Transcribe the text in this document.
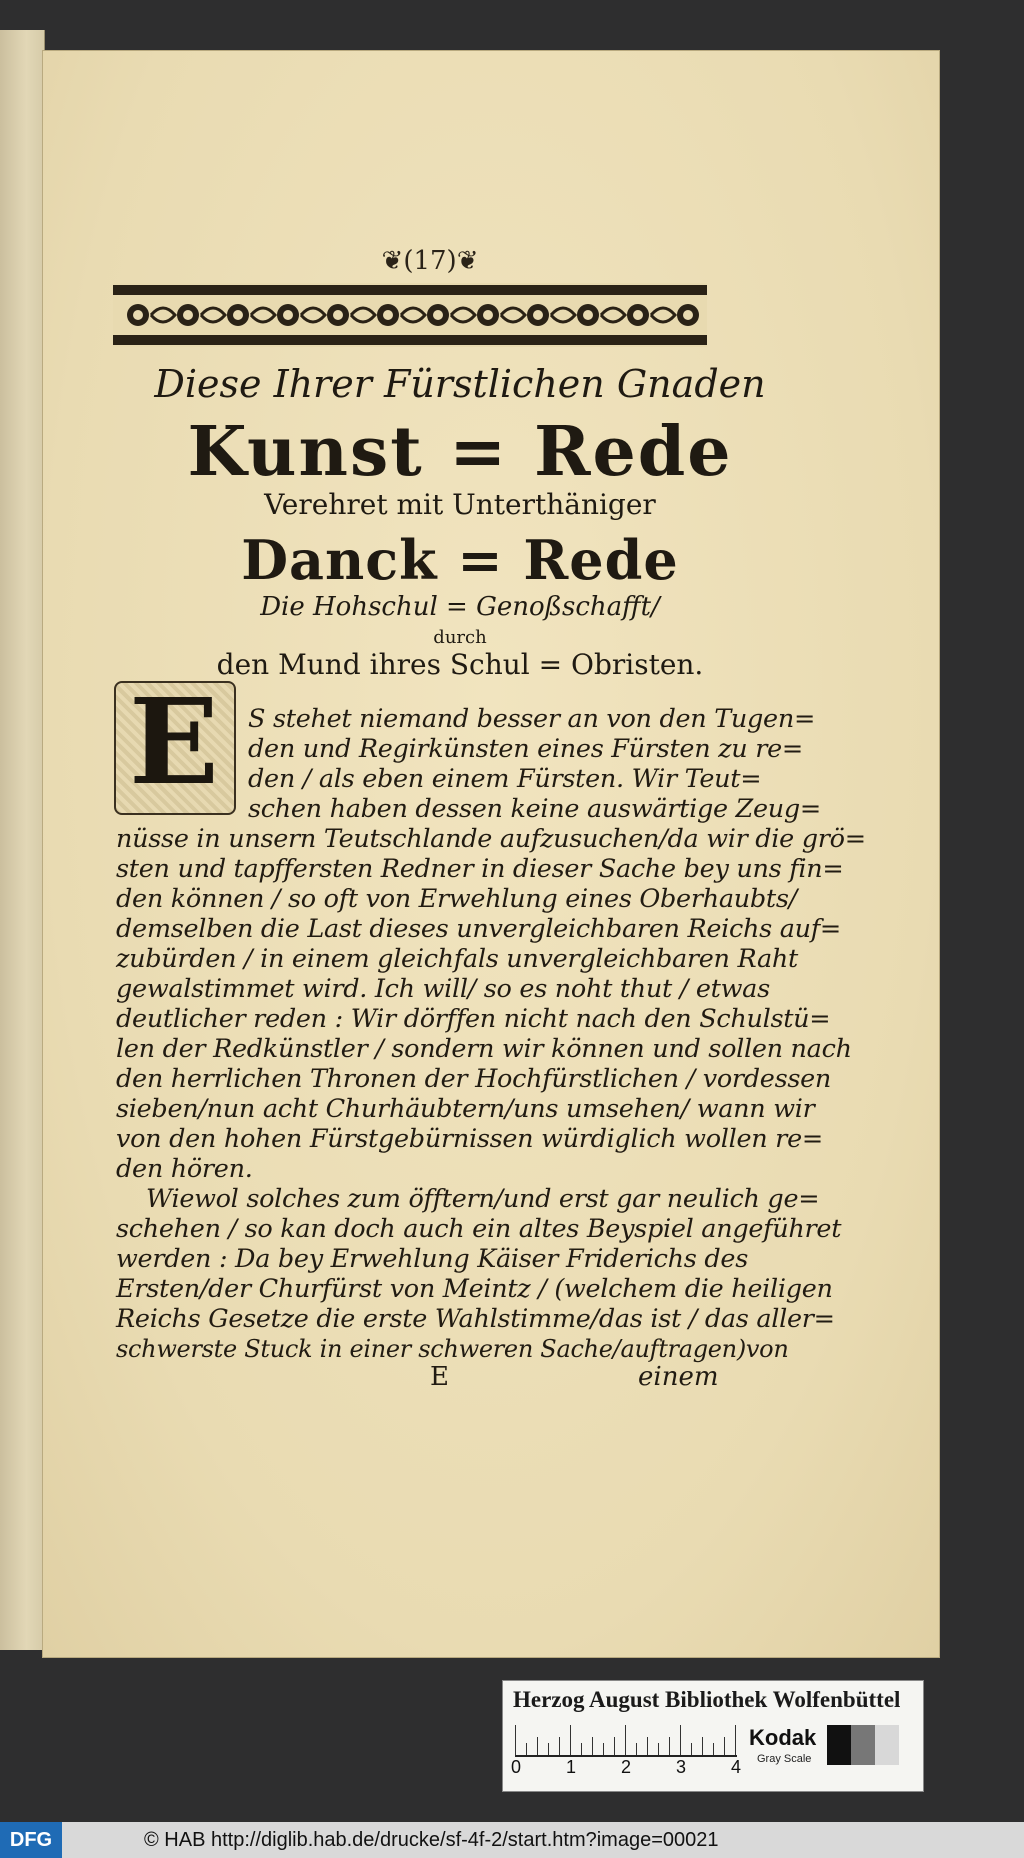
❦(17)❦
Diese Ihrer Fürstlichen Gnaden
Kunst = Rede
Verehret mit Unterthäniger
Danck = Rede
Die Hohschul = Genoßschafft/
durch
den Mund ihres Schul = Obristen.
E	S stehet niemand besser an von den Tugen=
den und Regirkünsten eines Fürsten zu re=
den / als eben einem Fürsten. Wir Teut=
schen haben dessen keine auswärtige Zeug=
nüsse in unsern Teutschlande aufzusuchen/da wir die grö=
sten und tapffersten Redner in dieser Sache bey uns fin=
den können / so oft von Erwehlung eines Oberhaubts/
demselben die Last dieses unvergleichbaren Reichs auf=
zubürden / in einem gleichfals unvergleichbaren Raht
gewalstimmet wird. Ich will/ so es noht thut / etwas
deutlicher reden : Wir dörffen nicht nach den Schulstü=
len der Redkünstler / sondern wir können und sollen nach
den herrlichen Thronen der Hochfürstlichen / vordessen
sieben/nun acht Churhäubtern/uns umsehen/ wann wir
von den hohen Fürstgebürnissen würdiglich wollen re=
den hören.
Wiewol solches zum öfftern/und erst gar neulich ge=
schehen / so kan doch auch ein altes Beyspiel angeführet
werden : Da bey Erwehlung Käiser Friderichs des
Ersten/der Churfürst von Meintz / (welchem die heiligen
Reichs Gesetze die erste Wahlstimme/das ist / das aller=
schwerste Stuck in einer schweren Sache/auftragen)von
E	einem
Herzog August Bibliothek Wolfenbüttel
0 1 2 3 4
Kodak
Gray Scale
DFG	© HAB http://diglib.hab.de/drucke/sf-4f-2/start.htm?image=00021
